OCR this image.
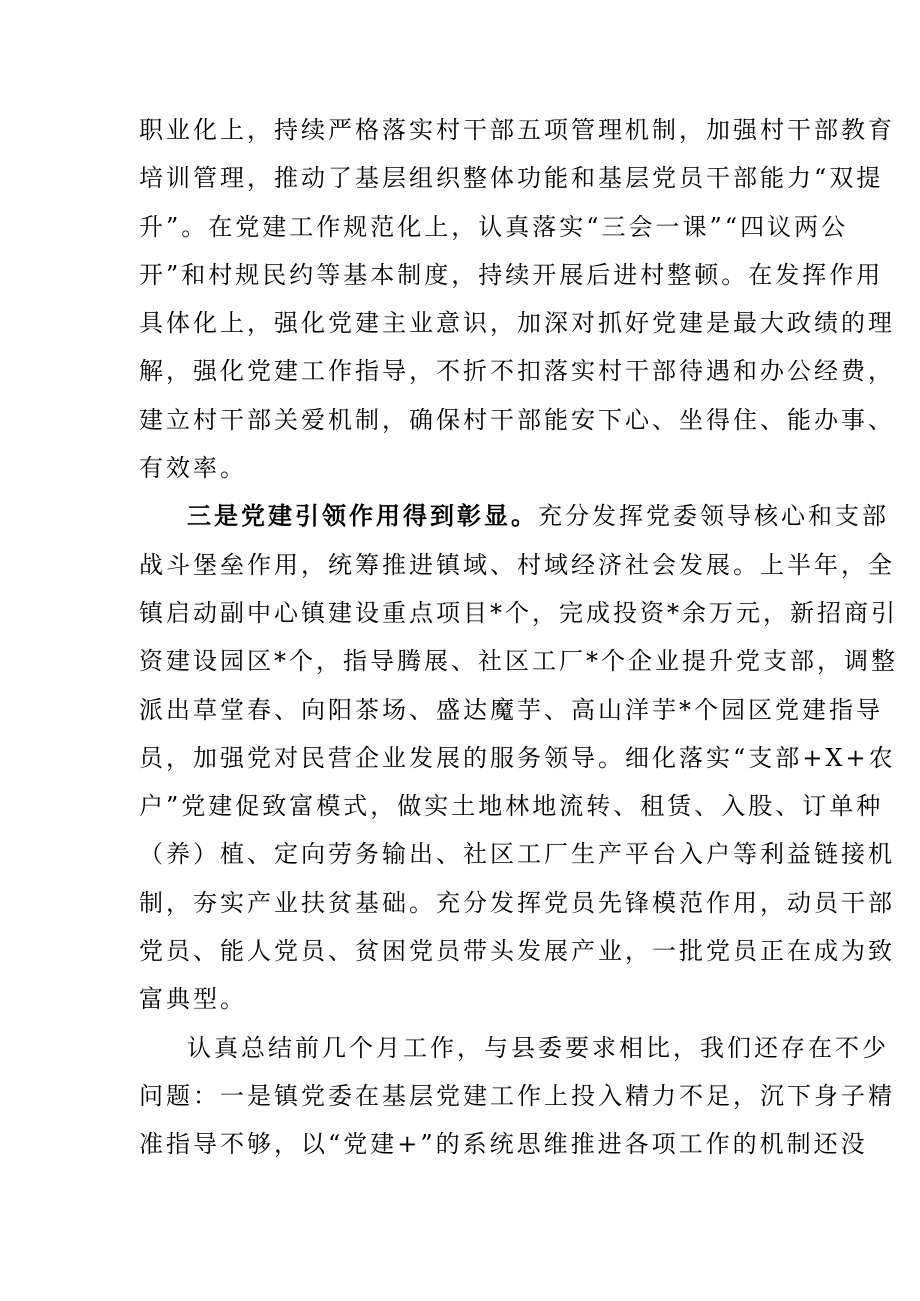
职业化上，持续严格落实村干部五项管理机制，加强村干部教育
培训管理，推动了基层组织整体功能和基层党员干部能力“双提
升”。在党建工作规范化上，认真落实“三会一课”“四议两公
开”和村规民约等基本制度，持续开展后进村整顿。在发挥作用
具体化上，强化党建主业意识，加深对抓好党建是最大政绩的理
解，强化党建工作指导，不折不扣落实村干部待遇和办公经费，
建立村干部关爱机制，确保村干部能安下心、坐得住、能办事、
有效率。
三是党建引领作用得到彰显。充分发挥党委领导核心和支部
战斗堡垒作用，统筹推进镇域、村域经济社会发展。上半年，全
镇启动副中心镇建设重点项目*个，完成投资*余万元，新招商引
资建设园区*个，指导腾展、社区工厂*个企业提升党支部，调整
派出草堂春、向阳茶场、盛达魔芋、高山洋芋*个园区党建指导
员，加强党对民营企业发展的服务领导。细化落实“支部+X+农
户”党建促致富模式，做实土地林地流转、租赁、入股、订单种
（养）植、定向劳务输出、社区工厂生产平台入户等利益链接机
制，夯实产业扶贫基础。充分发挥党员先锋模范作用，动员干部
党员、能人党员、贫困党员带头发展产业，一批党员正在成为致
富典型。
认真总结前几个月工作，与县委要求相比，我们还存在不少
问题：一是镇党委在基层党建工作上投入精力不足，沉下身子精
准指导不够，以“党建+”的系统思维推进各项工作的机制还没
